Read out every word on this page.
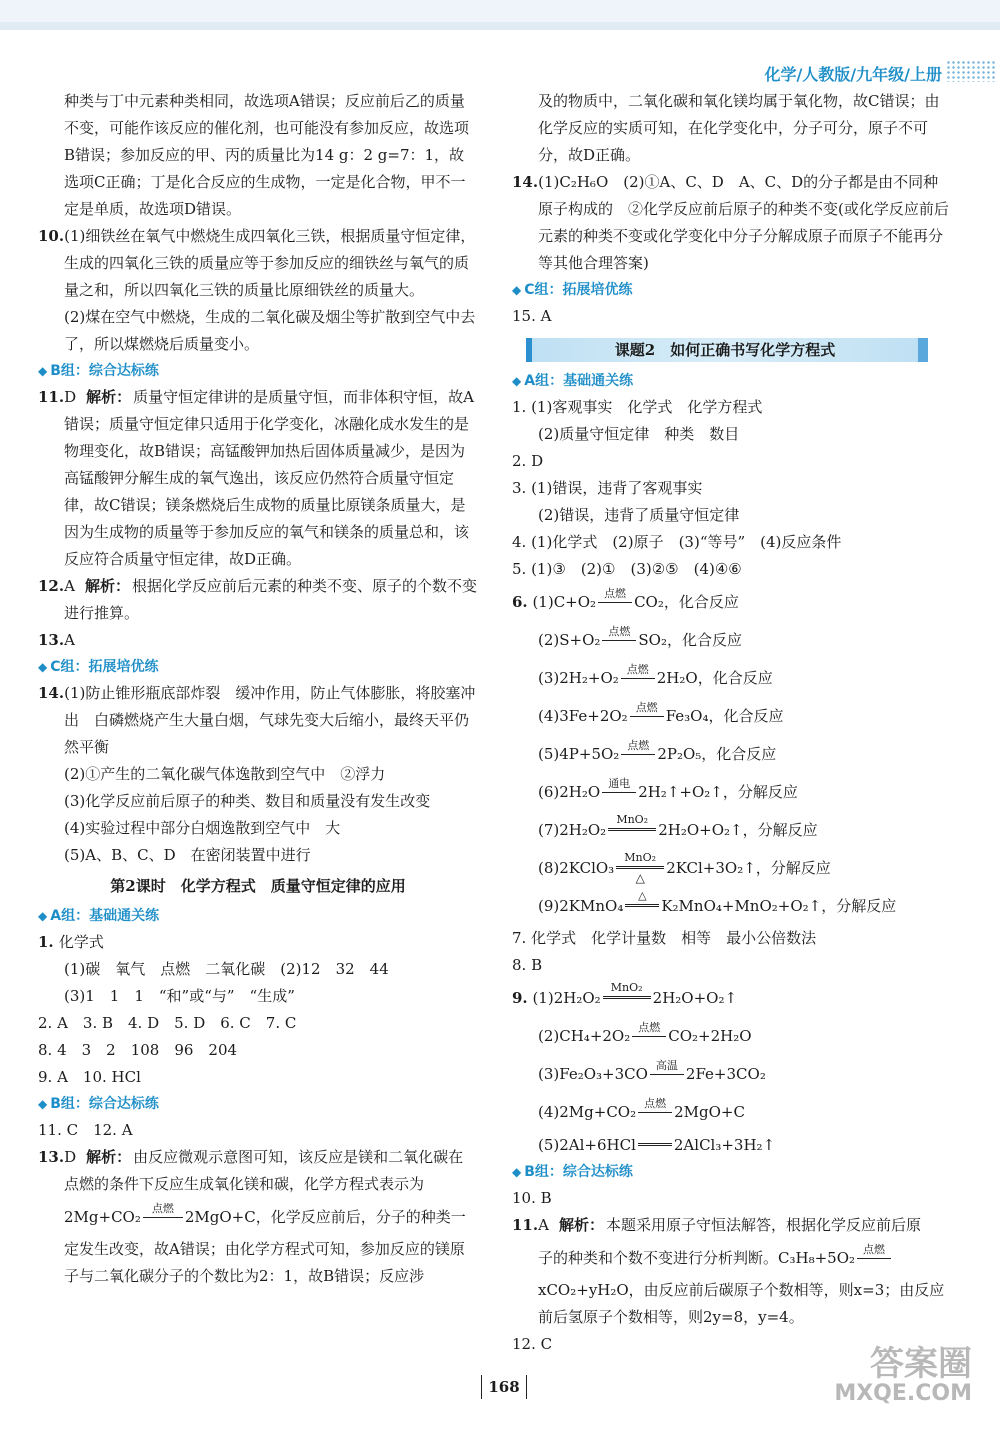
化学/人教版/九年级/上册

种类与丁中元素种类相同，故选项A错误；反应前后乙的质量不变，可能作该反应的催化剂，也可能没有参加反应，故选项B错误；参加反应的甲、丙的质量比为14 g：2 g=7：1，故选项C正确；丁是化合反应的生成物，一定是化合物，甲不一定是单质，故选项D错误。

10.(1)细铁丝在氧气中燃烧生成四氧化三铁，根据质量守恒定律，生成的四氧化三铁的质量应等于参加反应的细铁丝与氧气的质量之和，所以四氧化三铁的质量比原细铁丝的质量大。

(2)煤在空气中燃烧，生成的二氧化碳及烟尘等扩散到空气中去了，所以煤燃烧后质量变小。

◆ B组：综合达标练

11.D 解析： 质量守恒定律讲的是质量守恒，而非体积守恒，故A错误；质量守恒定律只适用于化学变化，冰融化成水发生的是物理变化，故B错误；高锰酸钾加热后固体质量减少，是因为高锰酸钾分解生成的氧气逸出，该反应仍然符合质量守恒定律，故C错误；镁条燃烧后生成物的质量比原镁条质量大，是因为生成物的质量等于参加反应的氧气和镁条的质量总和，该反应符合质量守恒定律，故D正确。

12.A 解析： 根据化学反应前后元素的种类不变、原子的个数不变进行推算。

13.A

◆ C组：拓展培优练

14.(1)防止锥形瓶底部炸裂　缓冲作用，防止气体膨胀，将胶塞冲出　白磷燃烧产生大量白烟，气球先变大后缩小，最终天平仍然平衡

(2)①产生的二氧化碳气体逸散到空气中　②浮力

(3)化学反应前后原子的种类、数目和质量没有发生改变

(4)实验过程中部分白烟逸散到空气中　大

(5)A、B、C、D　在密闭装置中进行

第2课时　化学方程式　质量守恒定律的应用

◆ A组：基础通关练

1. 化学式

(1)碳　氧气　点燃　二氧化碳　(2)12　32　44

(3)1　1　1　“和”或“与”　“生成”

2. A　3. B　4. D　5. D　6. C　7. C

8. 4　3　2　108　96　204

9. A　10. HCl

◆ B组：综合达标练

11. C　12. A

13.D 解析： 由反应微观示意图可知，该反应是镁和二氧化碳在点燃的条件下反应生成氧化镁和碳，化学方程式表示为

2Mg+CO₂	点燃 2MgO+C，化学反应前后，分子的种类一

定发生改变，故A错误；由化学方程式可知，参加反应的镁原子与二氧化碳分子的个数比为2：1，故B错误；反应涉

及的物质中，二氧化碳和氧化镁均属于氧化物，故C错误；由化学反应的实质可知，在化学变化中，分子可分，原子不可分，故D正确。

14.(1)C₂H₆O　(2)①A、C、D　A、C、D的分子都是由不同种原子构成的　②化学反应前后原子的种类不变(或化学反应前后元素的种类不变或化学变化中分子分解成原子而原子不能再分等其他合理答案)

◆ C组：拓展培优练

15. A

课题2　如何正确书写化学方程式

◆ A组：基础通关练

1. (1)客观事实　化学式　化学方程式

(2)质量守恒定律　种类　数目

2. D

3. (1)错误，违背了客观事实

(2)错误，违背了质量守恒定律

4. (1)化学式　(2)原子　(3)“等号”　(4)反应条件

5. (1)③　(2)①　(3)②⑤　(4)④⑥

6. (1)C+O₂ 点燃 CO₂，化合反应

(2)S+O₂ 点燃 SO₂，化合反应

(3)2H₂+O₂ 点燃 2H₂O，化合反应

(4)3Fe+2O₂ 点燃 Fe₃O₄，化合反应

(5)4P+5O₂ 点燃 2P₂O₅，化合反应

(6)2H₂O 通电 2H₂↑+O₂↑，分解反应

(7)2H₂O₂
MnO₂
2H₂O+O₂↑，分解反应

(8)2KClO₃
MnO₂
△
2KCl+3O₂↑，分解反应

(9)2KMnO₄
△
K₂MnO₄+MnO₂+O₂↑，分解反应

7. 化学式　化学计量数　相等　最小公倍数法

8. B

9. (1)2H₂O₂
MnO₂
2H₂O+O₂↑

(2)CH₄+2O₂ 点燃 CO₂+2H₂O

(3)Fe₂O₃+3CO 高温 2Fe+3CO₂

(4)2Mg+CO₂ 点燃 2MgO+C

(5)2Al+6HCl	2AlCl₃+3H₂↑

◆ B组：综合达标练

10. B

11.A 解析： 本题采用原子守恒法解答，根据化学反应前后原

子的种类和个数不变进行分析判断。C₃H₈+5O₂ 点燃

xCO₂+yH₂O，由反应前后碳原子个数相等，则x=3；由反应前后氢原子个数相等，则2y=8，y=4。

12. C

168
答案圈
MXQE.COM
